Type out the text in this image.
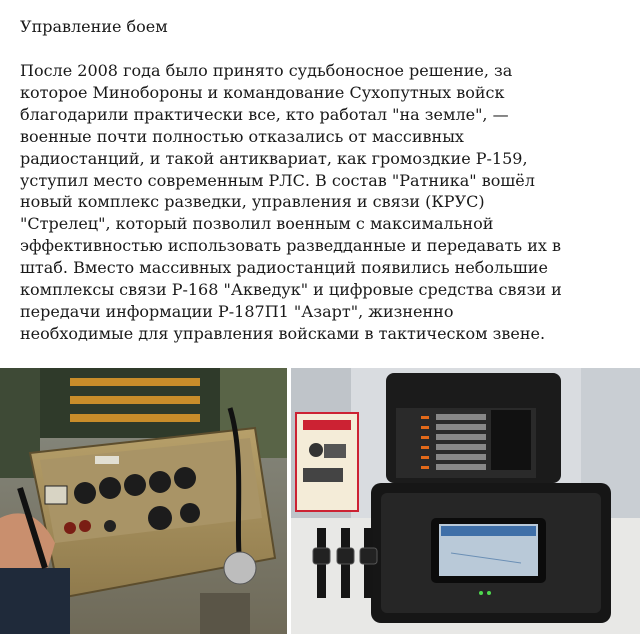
Управление боем
После 2008 года было принято судьбоносное решение, за
которое Минобороны и командование Сухопутных войск
благодарили практически все, кто работал "на земле", —
военные почти полностью отказались от массивных
радиостанций, и такой антиквариат, как громоздкие Р-159,
уступил место современным РЛС. В состав "Ратника" вошёл
новый комплекс разведки, управления и связи (КРУС)
"Стрелец", который позволил военным с максимальной
эффективностью использовать разведданные и передавать их в
штаб. Вместо массивных радиостанций появились небольшие
комплексы связи Р-168 "Акведук" и цифровые средства связи и
передачи информации Р-187П1 "Азарт", жизненно
необходимые для управления войсками в тактическом звене.
